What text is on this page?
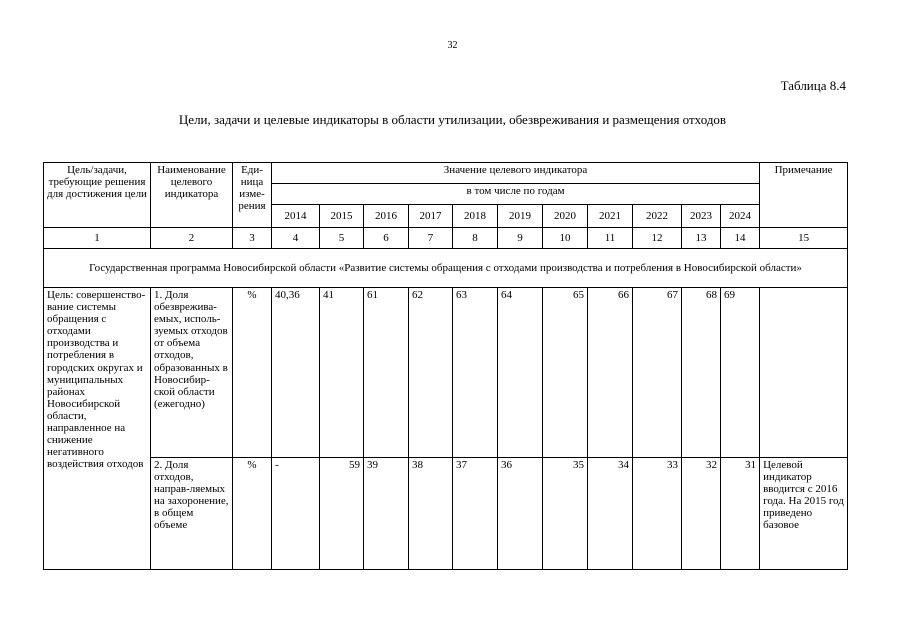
32
Таблица 8.4
Цели, задачи и целевые индикаторы в области утилизации, обезвреживания и размещения отходов
Цель/задачи, требующие решения для достижения цели	Наименование целевого индикатора	Еди-ница изме-рения	Значение целевого индикатора											Примечание
			в том числе по годам											
			2014	2015	2016	2017	2018	2019	2020	2021	2022	2023	2024	
1	2	3	4	5	6	7	8	9	10	11	12	13	14	15
Государственная программа Новосибирской области «Развитие системы обращения с отходами производства и потребления в Новосибирской области»														
Цель: совершенство-вание системы обращения с отходами производства и потребления в городских округах и муниципальных районах Новосибирской области, направленное на снижение негативного воздействия отходов	1. Доля обезврежива-емых, исполь-зуемых отходов от объема отходов, образованных в Новосибир-ской области (ежегодно)	%	40,36	41	61	62	63	64	65	66	67	68	69	
	2. Доля отходов, направ-ляемых на захоронение, в общем объеме	%	-	59	39	38	37	36	35	34	33	32	31	Целевой индикатор вводится с 2016 года. На 2015 год приведено базовое
